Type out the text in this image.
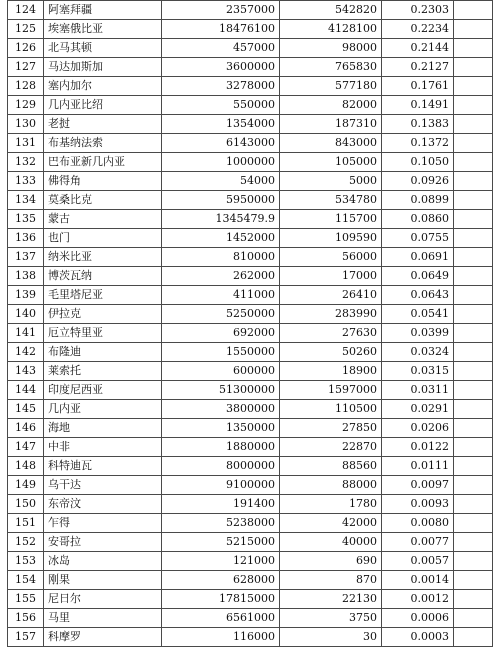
124	阿塞拜疆	2357000	542820	0.2303	
125	埃塞俄比亚	18476100	4128100	0.2234	
126	北马其顿	457000	98000	0.2144	
127	马达加斯加	3600000	765830	0.2127	
128	塞内加尔	3278000	577180	0.1761	
129	几内亚比绍	550000	82000	0.1491	
130	老挝	1354000	187310	0.1383	
131	布基纳法索	6143000	843000	0.1372	
132	巴布亚新几内亚	1000000	105000	0.1050	
133	佛得角	54000	5000	0.0926	
134	莫桑比克	5950000	534780	0.0899	
135	蒙古	1345479.9	115700	0.0860	
136	也门	1452000	109590	0.0755	
137	纳米比亚	810000	56000	0.0691	
138	博茨瓦纳	262000	17000	0.0649	
139	毛里塔尼亚	411000	26410	0.0643	
140	伊拉克	5250000	283990	0.0541	
141	厄立特里亚	692000	27630	0.0399	
142	布隆迪	1550000	50260	0.0324	
143	莱索托	600000	18900	0.0315	
144	印度尼西亚	51300000	1597000	0.0311	
145	几内亚	3800000	110500	0.0291	
146	海地	1350000	27850	0.0206	
147	中非	1880000	22870	0.0122	
148	科特迪瓦	8000000	88560	0.0111	
149	乌干达	9100000	88000	0.0097	
150	东帝汶	191400	1780	0.0093	
151	乍得	5238000	42000	0.0080	
152	安哥拉	5215000	40000	0.0077	
153	冰岛	121000	690	0.0057	
154	刚果	628000	870	0.0014	
155	尼日尔	17815000	22130	0.0012	
156	马里	6561000	3750	0.0006	
157	科摩罗	116000	30	0.0003	
